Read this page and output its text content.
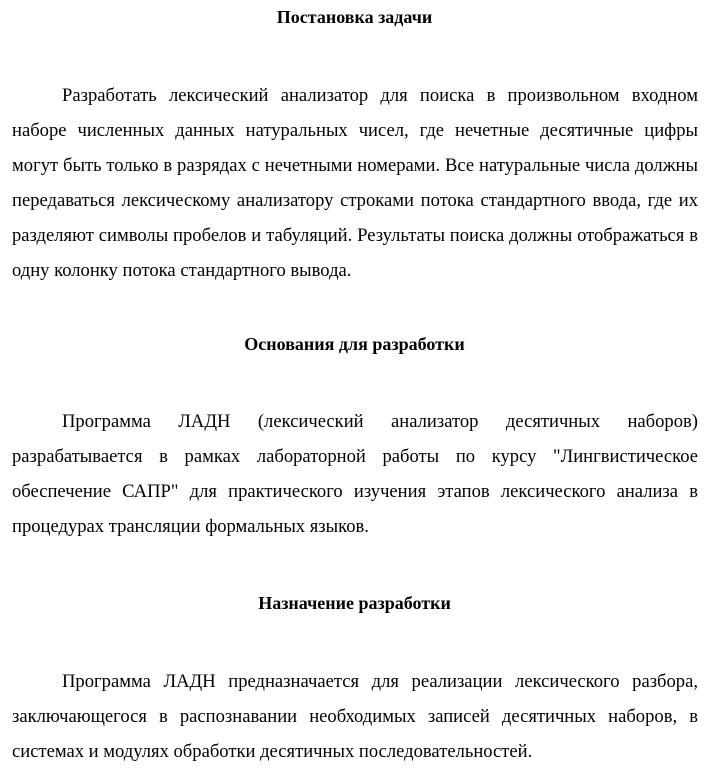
Постановка задачи

Разработать лексический анализатор для поиска в произвольном входном наборе численных данных натуральных чисел, где нечетные десятичные цифры могут быть только в разрядах с нечетными номерами. Все натуральные числа должны передаваться лексическому анализатору строками потока стандартного ввода, где их разделяют символы пробелов и табуляций. Результаты поиска должны отображаться в одну колонку потока стандартного вывода.

Основания для разработки

Программа ЛАДН (лексический анализатор десятичных наборов) разрабатывается в рамках лабораторной работы по курсу "Лингвистическое обеспечение САПР" для практического изучения этапов лексического анализа в процедурах трансляции формальных языков.

Назначение разработки

Программа ЛАДН предназначается для реализации лексического разбора, заключающегося в распознавании необходимых записей десятичных наборов, в системах и модулях обработки десятичных последовательностей.
